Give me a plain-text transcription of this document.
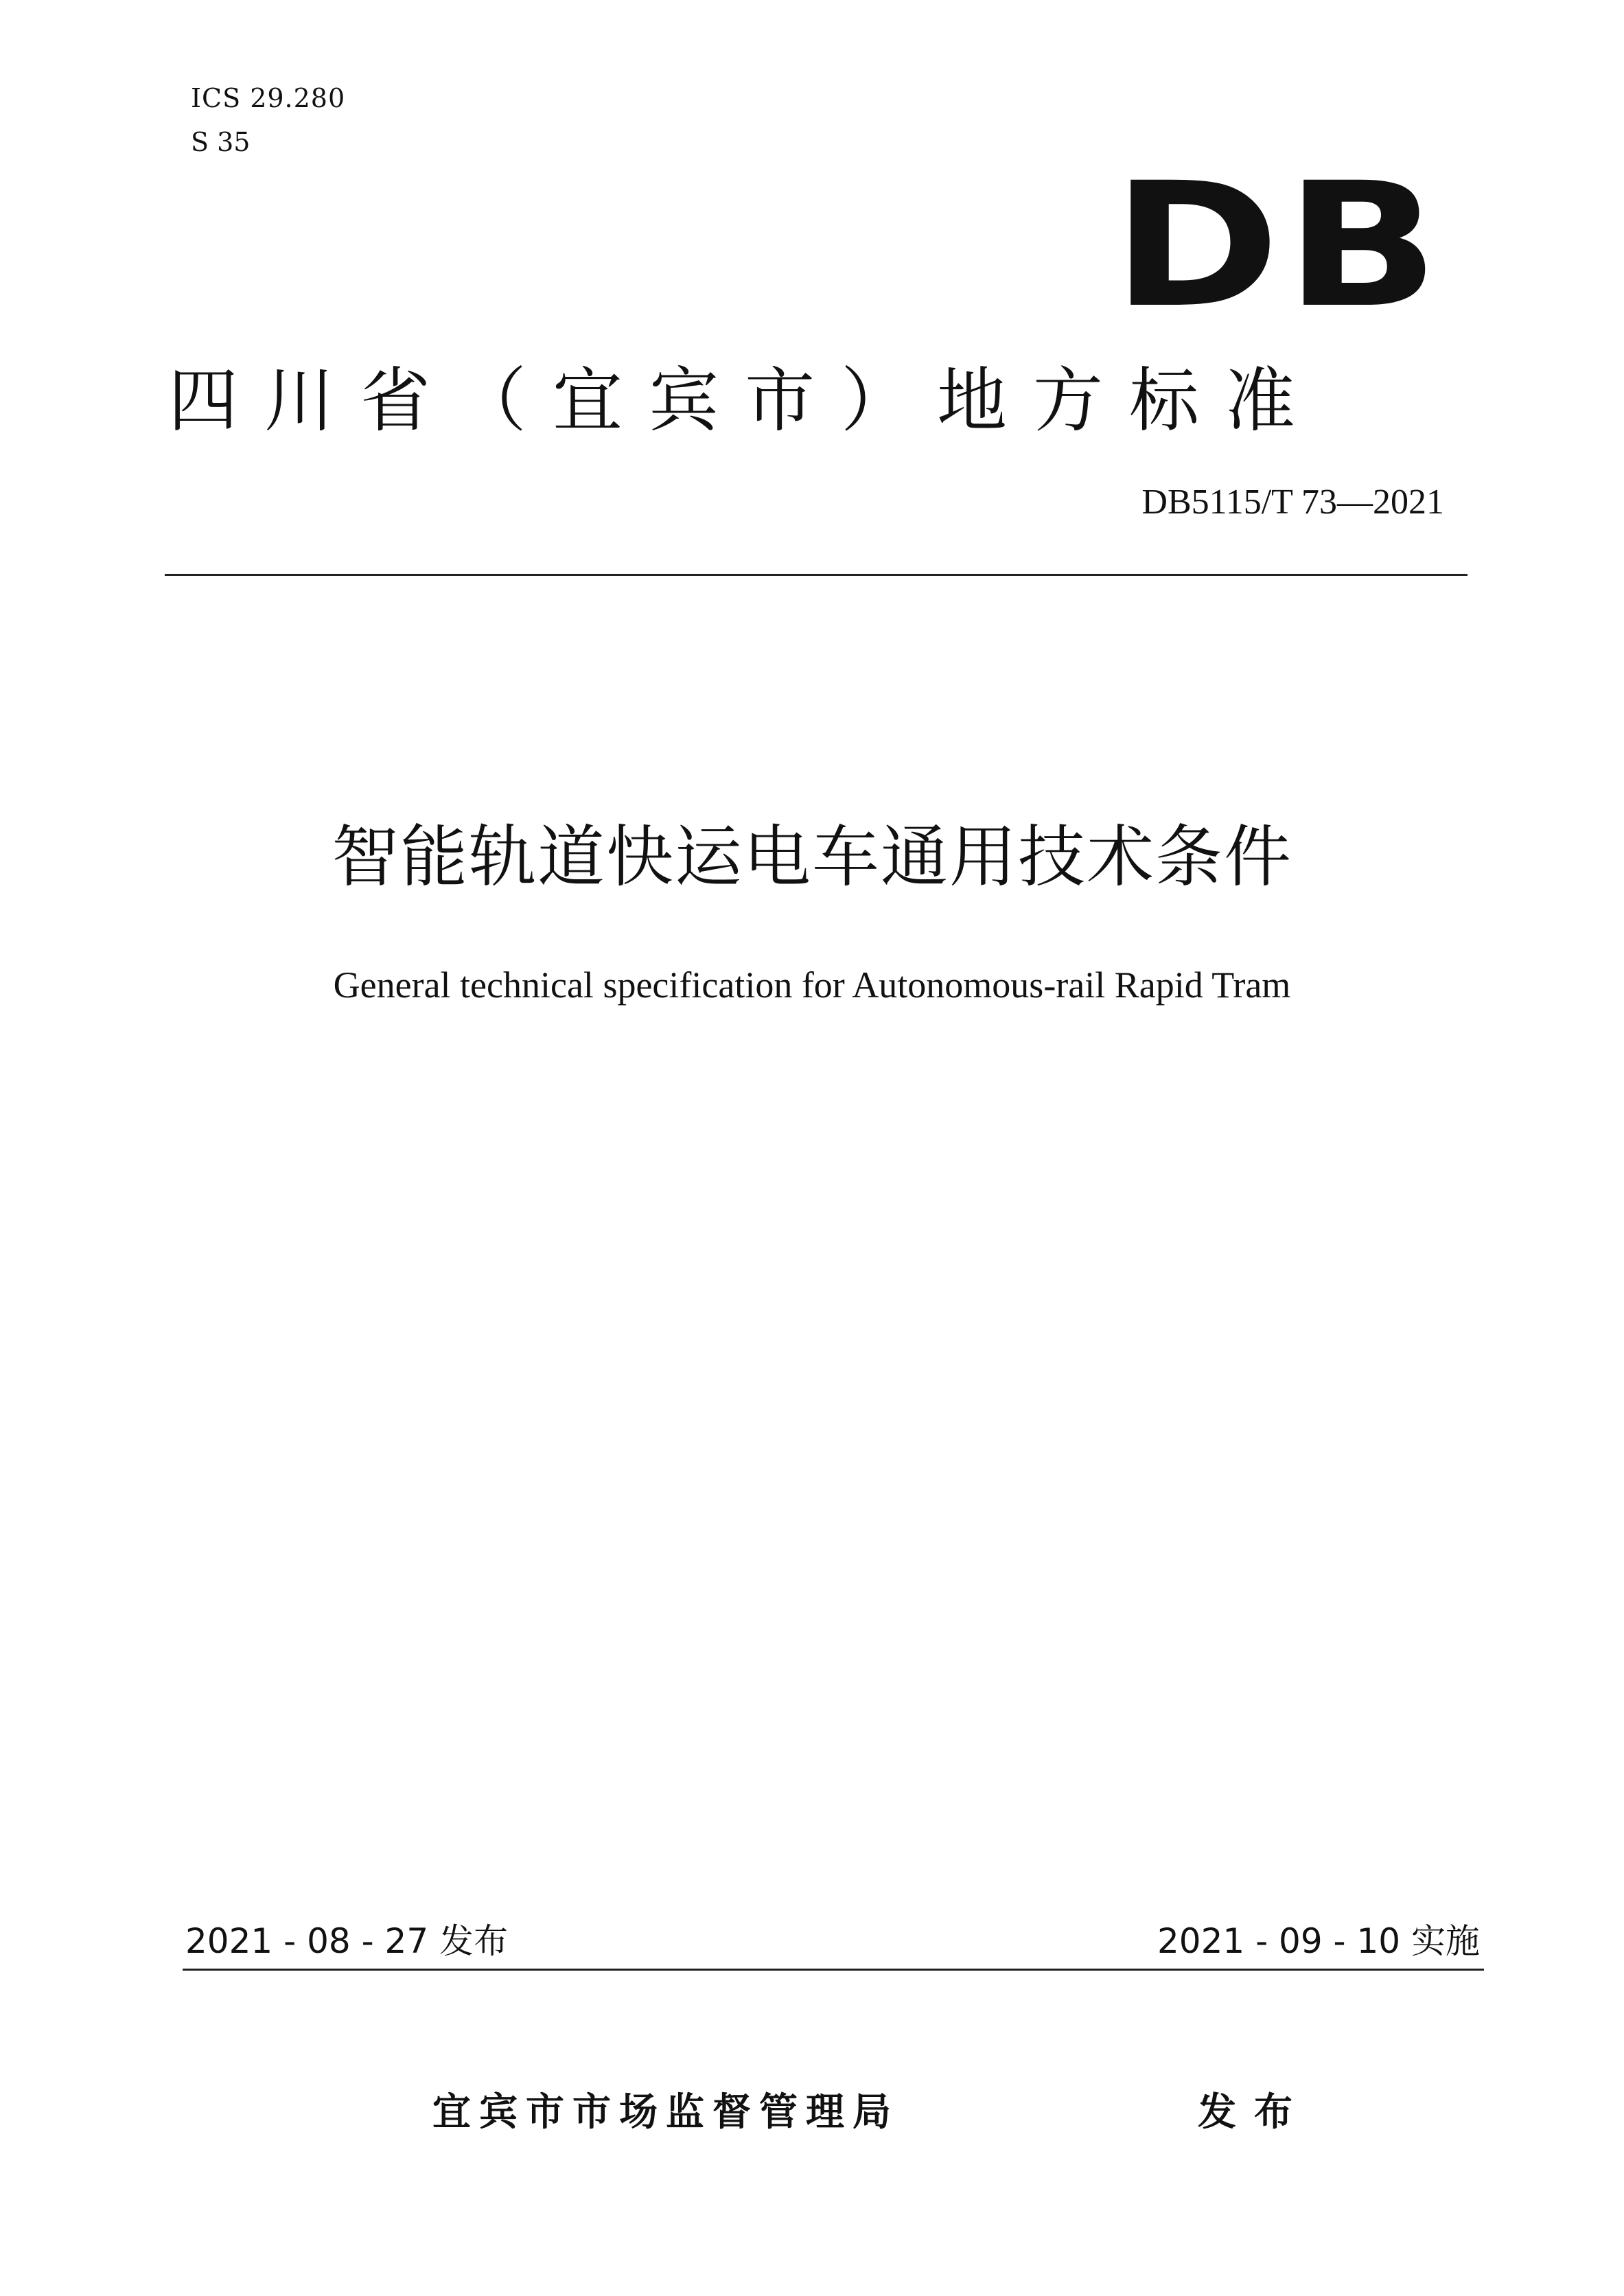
ICS 29.280
S 35
DB
四川省（宜宾市）地方标准
DB5115/T 73—2021
智能轨道快运电车通用技术条件
General technical specification for Autonomous-rail Rapid Tram
2021 - 08 - 27 发布	2021 - 09 - 10 实施
宜宾市市场监督管理局	发布
